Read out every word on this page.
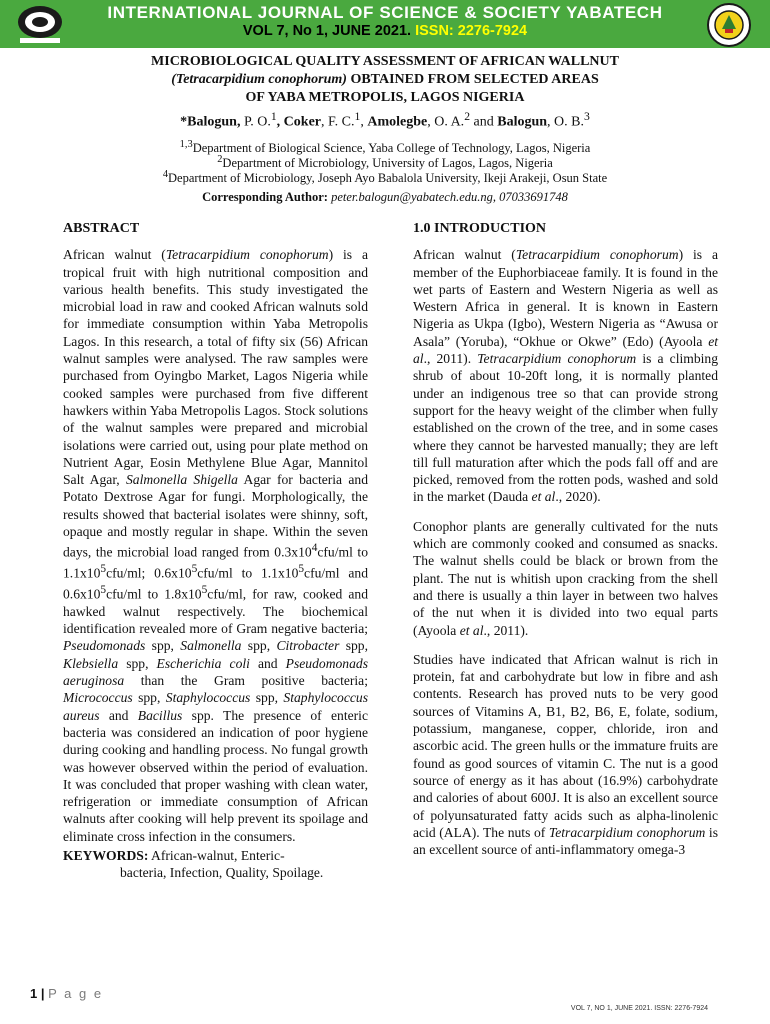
INTERNATIONAL JOURNAL OF SCIENCE & SOCIETY YABATECH
VOL 7, No 1, JUNE 2021. ISSN: 2276-7924
MICROBIOLOGICAL QUALITY ASSESSMENT OF AFRICAN WALLNUT
(Tetracarpidium conophorum) OBTAINED FROM SELECTED AREAS
OF YABA METROPOLIS, LAGOS NIGERIA
*Balogun, P. O.$^1$, Coker, F. C.$^1$, Amolegbe, O. A.$^2$ and Balogun, O. B.$^3$
$^{1,3}$Department of Biological Science, Yaba College of Technology, Lagos, Nigeria
$^2$Department of Microbiology, University of Lagos, Lagos, Nigeria
$^4$Department of Microbiology, Joseph Ayo Babalola University, Ikeji Arakeji, Osun State
Corresponding Author: peter.balogun@yabatech.edu.ng, 07033691748
ABSTRACT

African walnut (Tetracarpidium conophorum) is a tropical fruit with high nutritional composition and various health benefits. This study investigated the microbial load in raw and cooked African walnuts sold for immediate consumption within Yaba Metropolis Lagos. In this research, a total of fifty six (56) African walnut samples were analysed. The raw samples were purchased from Oyingbo Market, Lagos Nigeria while cooked samples were purchased from five different hawkers within Yaba Metropolis Lagos. Stock solutions of the walnut samples were prepared and microbial isolations were carried out, using pour plate method on Nutrient Agar, Eosin Methylene Blue Agar, Mannitol Salt Agar, Salmonella Shigella Agar for bacteria and Potato Dextrose Agar for fungi. Morphologically, the results showed that bacterial isolates were shinny, soft, opaque and mostly regular in shape. Within the seven days, the microbial load ranged from $0.3x10^4cfu/ml$ to $1.1x10^5cfu/ml$; $0.6x10^5cfu/ml$ to $1.1x10^5cfu/ml$ and $0.6x10^5cfu/ml$ to $1.8x10^5cfu/ml$, for raw, cooked and hawked walnut respectively. The biochemical identification revealed more of Gram negative bacteria; Pseudomonads spp, Salmonella spp, Citrobacter spp, Klebsiella spp, Escherichia coli and Pseudomonads aeruginosa than the Gram positive bacteria; Micrococcus spp, Staphylococcus spp, Staphylococcus aureus and Bacillus spp. The presence of enteric bacteria was considered an indication of poor hygiene during cooking and handling process. No fungal growth was however observed within the period of evaluation. It was concluded that proper washing with clean water, refrigeration or immediate consumption of African walnuts after cooking will help prevent its spoilage and eliminate cross infection in the consumers.

KEYWORDS: African-walnut, Enteric-
bacteria, Infection, Quality, Spoilage.
1.0 INTRODUCTION

African walnut (Tetracarpidium conophorum) is a member of the Euphorbiaceae family. It is found in the wet parts of Eastern and Western Nigeria as well as Western Africa in general. It is known in Eastern Nigeria as Ukpa (Igbo), Western Nigeria as “Awusa or Asala” (Yoruba), “Okhue or Okwe” (Edo) (Ayoola et al., 2011). Tetracarpidium conophorum is a climbing shrub of about 10-20ft long, it is normally planted under an indigenous tree so that can provide strong support for the heavy weight of the climber when fully established on the crown of the tree, and in some cases where they cannot be harvested manually; they are left till full maturation after which the pods fall off and are picked, removed from the rotten pods, washed and sold in the market (Dauda et al., 2020).

Conophor plants are generally cultivated for the nuts which are commonly cooked and consumed as snacks. The walnut shells could be black or brown from the plant. The nut is whitish upon cracking from the shell and there is usually a thin layer in between two halves of the nut when it is divided into two equal parts (Ayoola et al., 2011).

Studies have indicated that African walnut is rich in protein, fat and carbohydrate but low in fibre and ash contents. Research has proved nuts to be very good sources of Vitamins A, B1, B2, B6, E, folate, sodium, potassium, manganese, copper, chloride, iron and ascorbic acid. The green hulls or the immature fruits are found as good sources of vitamin C. The nut is a good source of energy as it has about (16.9%) carbohydrate and calories of about 600J. It is also an excellent source of polyunsaturated fatty acids such as alpha-linolenic acid (ALA). The nuts of Tetracarpidium conophorum is an excellent source of anti-inflammatory omega-3

1 | P a g e
VOL 7, NO 1, JUNE 2021. ISSN: 2276-7924
